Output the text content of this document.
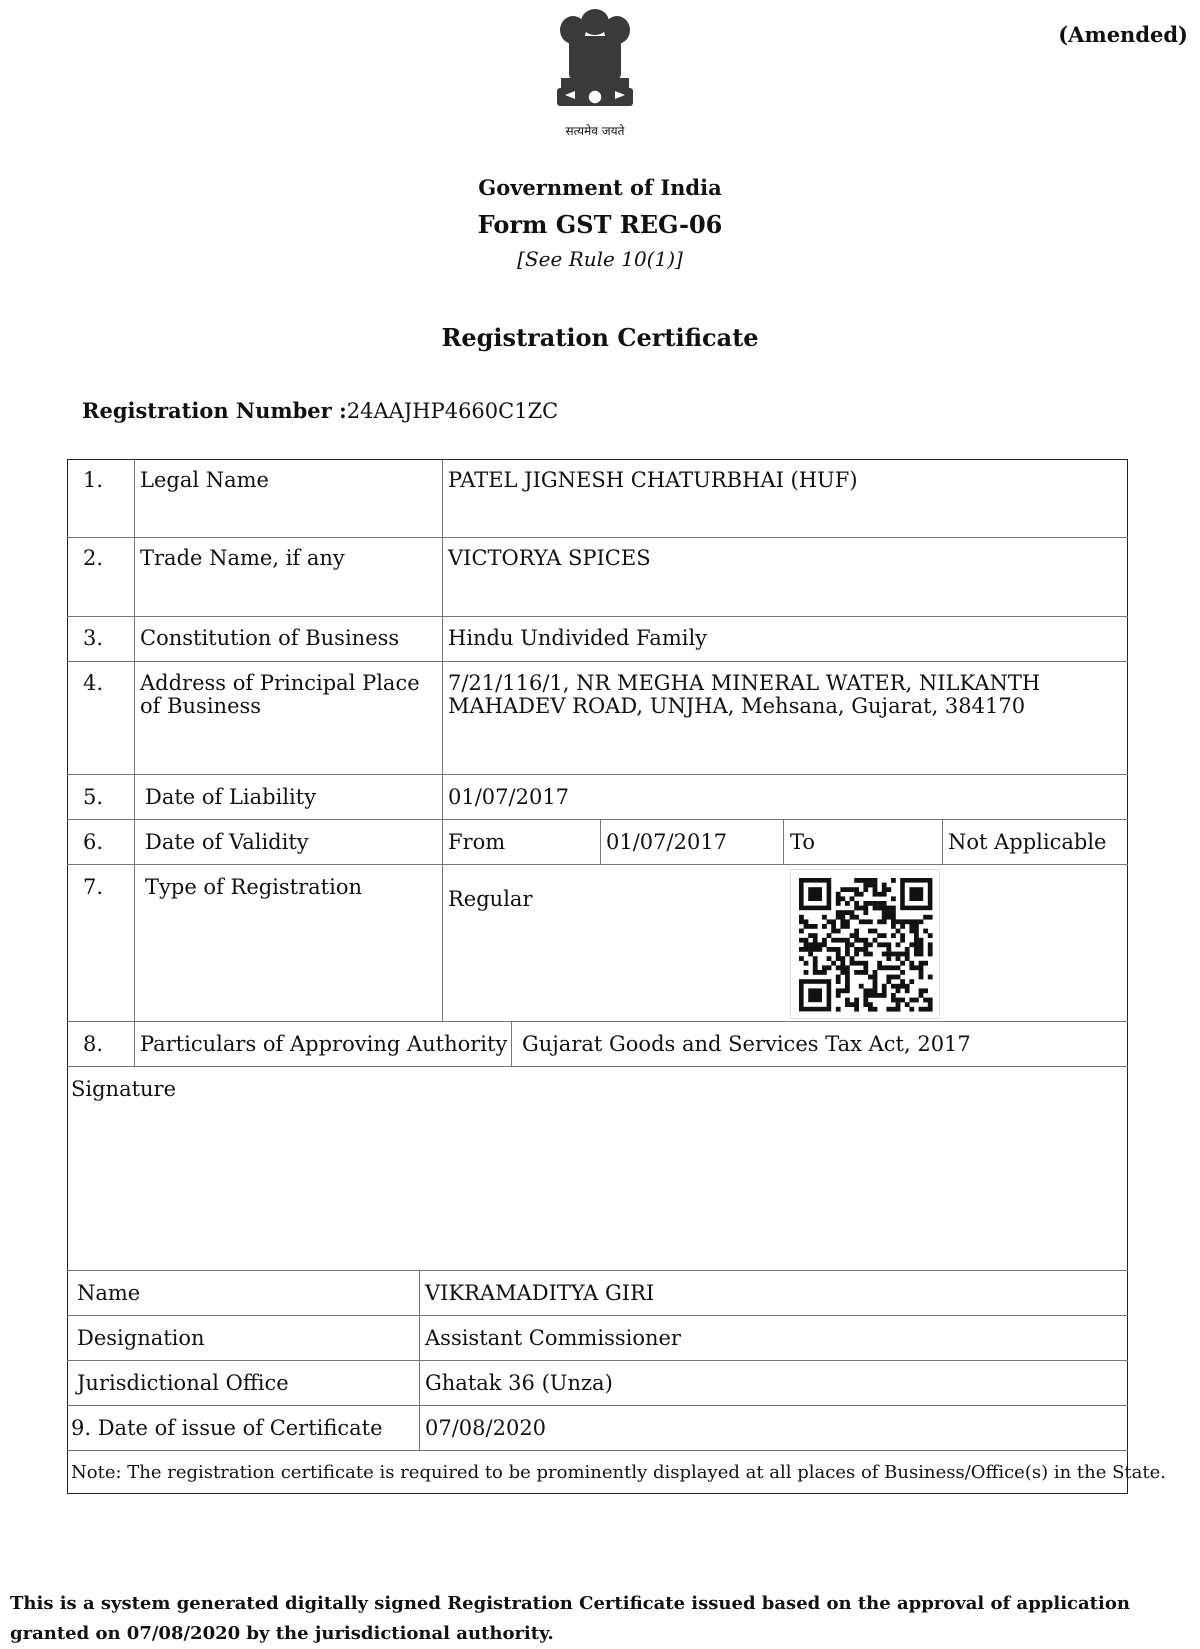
(Amended)
सत्यमेव जयते
Government of India
Form GST REG-06
[See Rule 10(1)]
Registration Certificate
Registration Number :24AAJHP4660C1ZC
1. Legal Name	PATEL JIGNESH CHATURBHAI (HUF)
2. Trade Name, if any	VICTORYA SPICES
3. Constitution of Business Hindu Undivided Family
4. Address of Principal Place of Business
7/21/116/1, NR MEGHA MINERAL WATER, NILKANTH MAHADEV ROAD, UNJHA, Mehsana, Gujarat, 384170
5. Date of Liability	01/07/2017
6. Date of Validity	From	01/07/2017	To	Not Applicable
7. Type of Registration	Regular
8. Particulars of Approving Authority Gujarat Goods and Services Tax Act, 2017
Signature
Name	VIKRAMADITYA GIRI
Designation	Assistant Commissioner
Jurisdictional Office	Ghatak 36 (Unza)
9. Date of issue of Certificate 07/08/2020
Note: The registration certificate is required to be prominently displayed at all places of Business/Office(s) in the State.
This is a system generated digitally signed Registration Certificate issued based on the approval of application granted on 07/08/2020 by the jurisdictional authority.
